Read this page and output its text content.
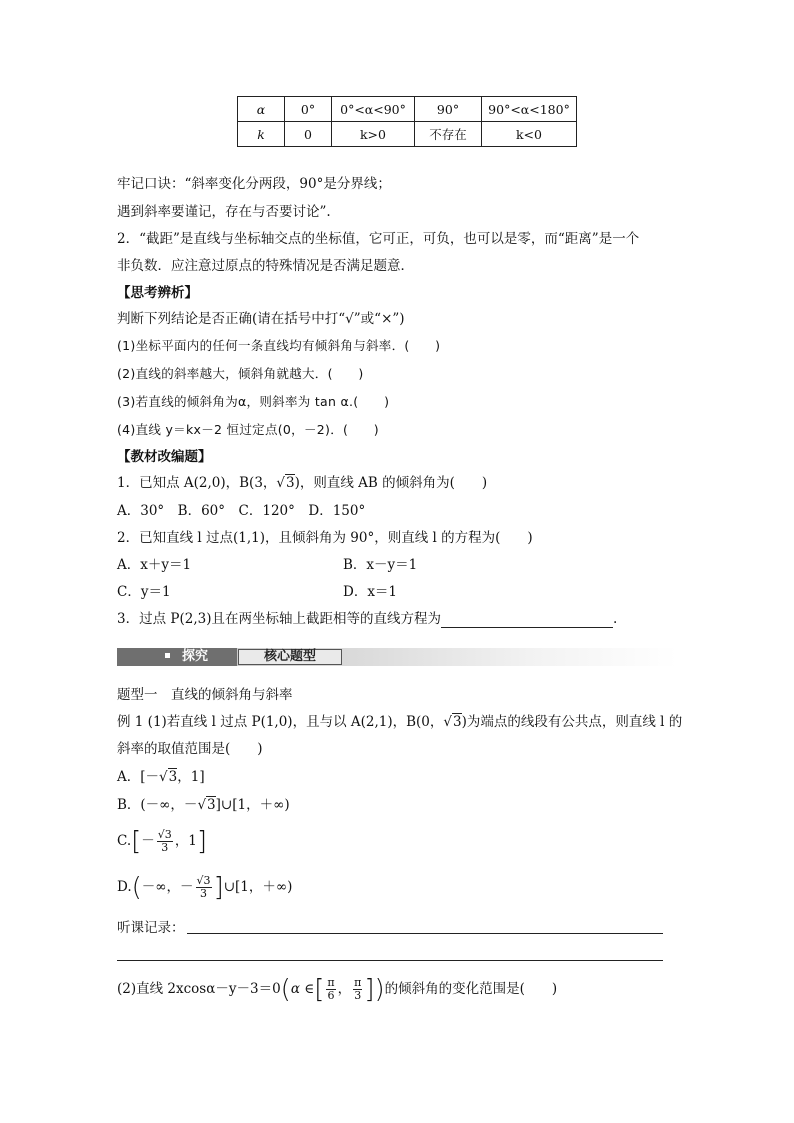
α	0°	0°<α<90°	90°	90°<α<180°
k	0	k>0	不存在	k<0
牢记口诀：“斜率变化分两段，90°是分界线；
遇到斜率要谨记，存在与否要讨论”.
2．“截距”是直线与坐标轴交点的坐标值，它可正，可负，也可以是零，而“距离”是一个
非负数．应注意过原点的特殊情况是否满足题意．
【思考辨析】
判断下列结论是否正确(请在括号中打“√”或“×”)
(1)坐标平面内的任何一条直线均有倾斜角与斜率．(　　)
(2)直线的斜率越大，倾斜角就越大．(　　)
(3)若直线的倾斜角为α，则斜率为 tan α.(　　)
(4)直线 y＝kx－2 恒过定点(0，－2)．(　　)
【教材改编题】
1．已知点 A(2,0)，B(3，√3)，则直线 AB 的倾斜角为(　　)
A．30°　B．60°　C．120°　D．150°
2．已知直线 l 过点(1,1)，且倾斜角为 90°，则直线 l 的方程为(　　)
A．x＋y＝1	B．x－y＝1
C．y＝1	D．x＝1
3．过点 P(2,3)且在两坐标轴上截距相等的直线方程为	.
探究	核心题型
题型一　直线的倾斜角与斜率
例 1 (1)若直线 l 过点 P(1,0)，且与以 A(2,1)，B(0，√3)为端点的线段有公共点，则直线 l 的
斜率的取值范围是(　　)
A．[－√3，1]
B．(－∞，－√3]∪[1，＋∞)
$C.[- \frac{√3}{3}$ ，1]
D.(－∞，－ $\frac{√3}{3}$ ]∪[1，＋∞)
听课记录：
(2)直线 2xcosα－y－3＝0(α ∈[ $\frac{\pi}{6}$ ， $\frac{\pi}{3}$ ])的倾斜角的变化范围是(　　)
